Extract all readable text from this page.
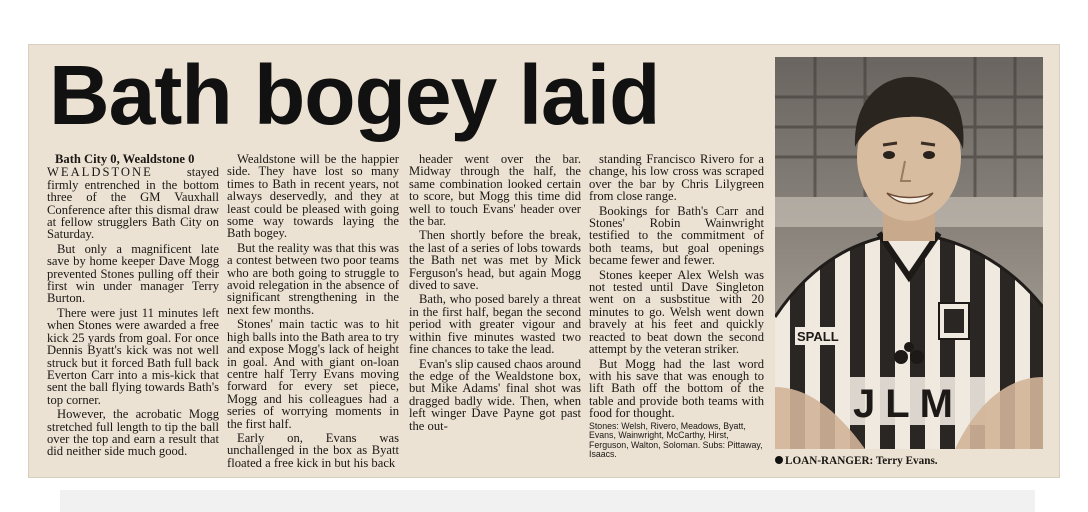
Bath bogey laid
Bath City 0, Wealdstone 0

WEALDSTONE stayed firmly entrenched in the bottom three of the GM Vauxhall Conference after this dismal draw at fellow strugglers Bath City on Saturday.

But only a magnificent late save by home keeper Dave Mogg prevented Stones pulling off their first win under manager Terry Burton.

There were just 11 minutes left when Stones were awarded a free kick 25 yards from goal. For once Dennis Byatt's kick was not well struck but it forced Bath full back Everton Carr into a mis-kick that sent the ball flying towards Bath's top corner.

However, the acrobatic Mogg stretched full length to tip the ball over the top and earn a result that did neither side much good.

Wealdstone will be the happier side. They have lost so many times to Bath in recent years, not always deservedly, and they at least could be pleased with going some way towards laying the Bath bogey.

But the reality was that this was a contest between two poor teams who are both going to struggle to avoid relegation in the absence of significant strengthening in the next few months.

Stones' main tactic was to hit high balls into the Bath area to try and expose Mogg's lack of height in goal. And with giant on-loan centre half Terry Evans moving forward for every set piece, Mogg and his colleagues had a series of worrying moments in the first half.

Early on, Evans was unchallenged in the box as Byatt floated a free kick in but his back

header went over the bar. Midway through the half, the same combination looked certain to score, but Mogg this time did well to touch Evans' header over the bar.

Then shortly before the break, the last of a series of lobs towards the Bath net was met by Mick Ferguson's head, but again Mogg dived to save.

Bath, who posed barely a threat in the first half, began the second period with greater vigour and within five minutes wasted two fine chances to take the lead.

Evan's slip caused chaos around the edge of the Wealdstone box, but Mike Adams' final shot was dragged badly wide. Then, when left winger Dave Payne got past the out-

standing Francisco Rivero for a change, his low cross was scraped over the bar by Chris Lilygreen from close range.

Bookings for Bath's Carr and Stones' Robin Wainwright testified to the commitment of both teams, but goal openings became fewer and fewer.

Stones keeper Alex Welsh was not tested until Dave Singleton went on a susbstitue with 20 minutes to go. Welsh went down bravely at his feet and quickly reacted to beat down the second attempt by the veteran striker.

But Mogg had the last word with his save that was enough to lift Bath off the bottom of the table and provide both teams with food for thought.

Stones: Welsh, Rivero, Meadows, Byatt, Evans, Wainwright, McCarthy, Hirst, Ferguson, Walton, Soloman. Subs: Pittaway, Isaacs.

SPALL
JLM
LOAN-RANGER: Terry Evans.
